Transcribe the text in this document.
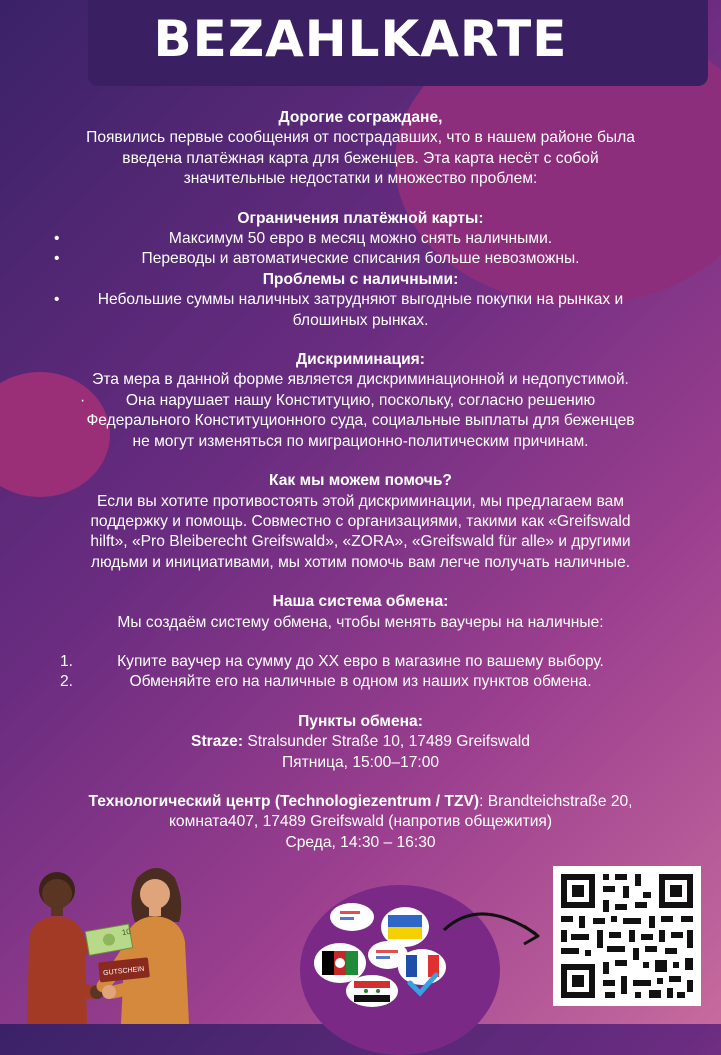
BEZAHLKARTE
Дорогие сограждане,
Появились первые сообщения от пострадавших, что в нашем районе была
введена платёжная карта для беженцев. Эта карта несёт с собой
значительные недостатки и множество проблем:
Ограничения платёжной карты:
•	Максимум 50 евро в месяц можно снять наличными.
•	Переводы и автоматические списания больше невозможны.
Проблемы с наличными:
• Небольшие суммы наличных затрудняют выгодные покупки на рынках и
блошиных рынках.
Дискриминация:
Эта мера в данной форме является дискриминационной и недопустимой.
·	Она нарушает нашу Конституцию, поскольку, согласно решению
Федерального Конституционного суда, социальные выплаты для беженцев
не могут изменяться по миграционно-политическим причинам.
Как мы можем помочь?
Если вы хотите противостоять этой дискриминации, мы предлагаем вам
поддержку и помощь. Совместно с организациями, такими как «Greifswald
hilft», «Pro Bleiberecht Greifswald», «ZORA», «Greifswald für alle» и другими
людьми и инициативами, мы хотим помочь вам легче получать наличные.
Наша система обмена:
Мы создаём систему обмена, чтобы менять ваучеры на наличные:
1.	Купите ваучер на сумму до XX евро в магазине по вашему выбору.
2.	Обменяйте его на наличные в одном из наших пунктов обмена.
Пункты обмена:
Straze: Stralsunder Straße 10, 17489 Greifswald
Пятница, 15:00–17:00
Технологический центр (Technologiezentrum / TZV): Brandteichstraße 20,
комната407, 17489 Greifswald (напротив общежития)
Среда, 14:30 – 16:30
10
GUTSCHEIN
